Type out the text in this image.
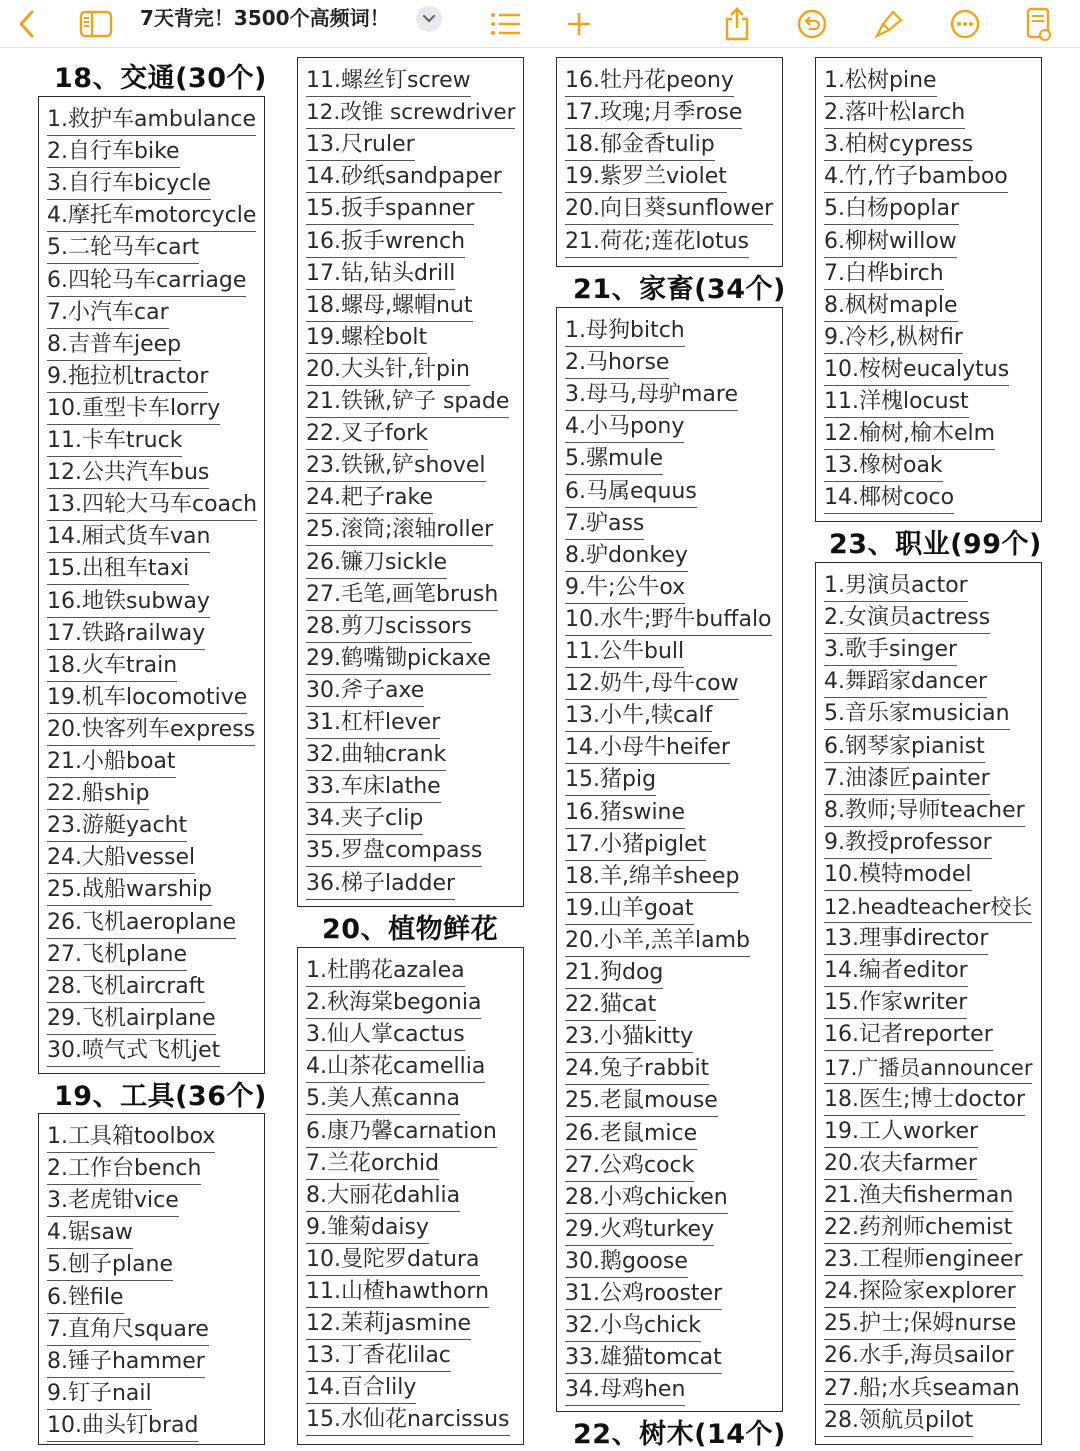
7天背完！3500个高频词！
18、交通(30个)
1.救护车ambulance
2.自行车bike
3.自行车bicycle
4.摩托车motorcycle
5.二轮马车cart
6.四轮马车carriage
7.小汽车car
8.吉普车jeep
9.拖拉机tractor
10.重型卡车lorry
11.卡车truck
12.公共汽车bus
13.四轮大马车coach
14.厢式货车van
15.出租车taxi
16.地铁subway
17.铁路railway
18.火车train
19.机车locomotive
20.快客列车express
21.小船boat
22.船ship
23.游艇yacht
24.大船vessel
25.战船warship
26.飞机aeroplane
27.飞机plane
28.飞机aircraft
29.飞机airplane
30.喷气式飞机jet
19、工具(36个)
1.工具箱toolbox
2.工作台bench
3.老虎钳vice
4.锯saw
5.刨子plane
6.锉file
7.直角尺square
8.锤子hammer
9.钉子nail
10.曲头钉brad
11.螺丝钉screw
12.改锥 screwdriver
13.尺ruler
14.砂纸sandpaper
15.扳手spanner
16.扳手wrench
17.钻,钻头drill
18.螺母,螺帽nut
19.螺栓bolt
20.大头针,针pin
21.铁锹,铲子 spade
22.叉子fork
23.铁锹,铲shovel
24.耙子rake
25.滚筒;滚轴roller
26.镰刀sickle
27.毛笔,画笔brush
28.剪刀scissors
29.鹤嘴锄pickaxe
30.斧子axe
31.杠杆lever
32.曲轴crank
33.车床lathe
34.夹子clip
35.罗盘compass
36.梯子ladder
20、植物鲜花
1.杜鹃花azalea
2.秋海棠begonia
3.仙人掌cactus
4.山茶花camellia
5.美人蕉canna
6.康乃馨carnation
7.兰花orchid
8.大丽花dahlia
9.雏菊daisy
10.曼陀罗datura
11.山楂hawthorn
12.茉莉jasmine
13.丁香花lilac
14.百合lily
15.水仙花narcissus
16.牡丹花peony
17.玫瑰;月季rose
18.郁金香tulip
19.紫罗兰violet
20.向日葵sunflower
21.荷花;莲花lotus
21、家畜(34个)
1.母狗bitch
2.马horse
3.母马,母驴mare
4.小马pony
5.骡mule
6.马属equus
7.驴ass
8.驴donkey
9.牛;公牛ox
10.水牛;野牛buffalo
11.公牛bull
12.奶牛,母牛cow
13.小牛,犊calf
14.小母牛heifer
15.猪pig
16.猪swine
17.小猪piglet
18.羊,绵羊sheep
19.山羊goat
20.小羊,羔羊lamb
21.狗dog
22.猫cat
23.小猫kitty
24.兔子rabbit
25.老鼠mouse
26.老鼠mice
27.公鸡cock
28.小鸡chicken
29.火鸡turkey
30.鹅goose
31.公鸡rooster
32.小鸟chick
33.雄猫tomcat
34.母鸡hen
22、树木(14个)
1.松树pine
2.落叶松larch
3.柏树cypress
4.竹,竹子bamboo
5.白杨poplar
6.柳树willow
7.白桦birch
8.枫树maple
9.冷杉,枞树fir
10.桉树eucalytus
11.洋槐locust
12.榆树,榆木elm
13.橡树oak
14.椰树coco
23、职业(99个)
1.男演员actor
2.女演员actress
3.歌手singer
4.舞蹈家dancer
5.音乐家musician
6.钢琴家pianist
7.油漆匠painter
8.教师;导师teacher
9.教授professor
10.模特model
12.headteacher校长
13.理事director
14.编者editor
15.作家writer
16.记者reporter
17.广播员announcer
18.医生;博士doctor
19.工人worker
20.农夫farmer
21.渔夫fisherman
22.药剂师chemist
23.工程师engineer
24.探险家explorer
25.护士;保姆nurse
26.水手,海员sailor
27.船;水兵seaman
28.领航员pilot
